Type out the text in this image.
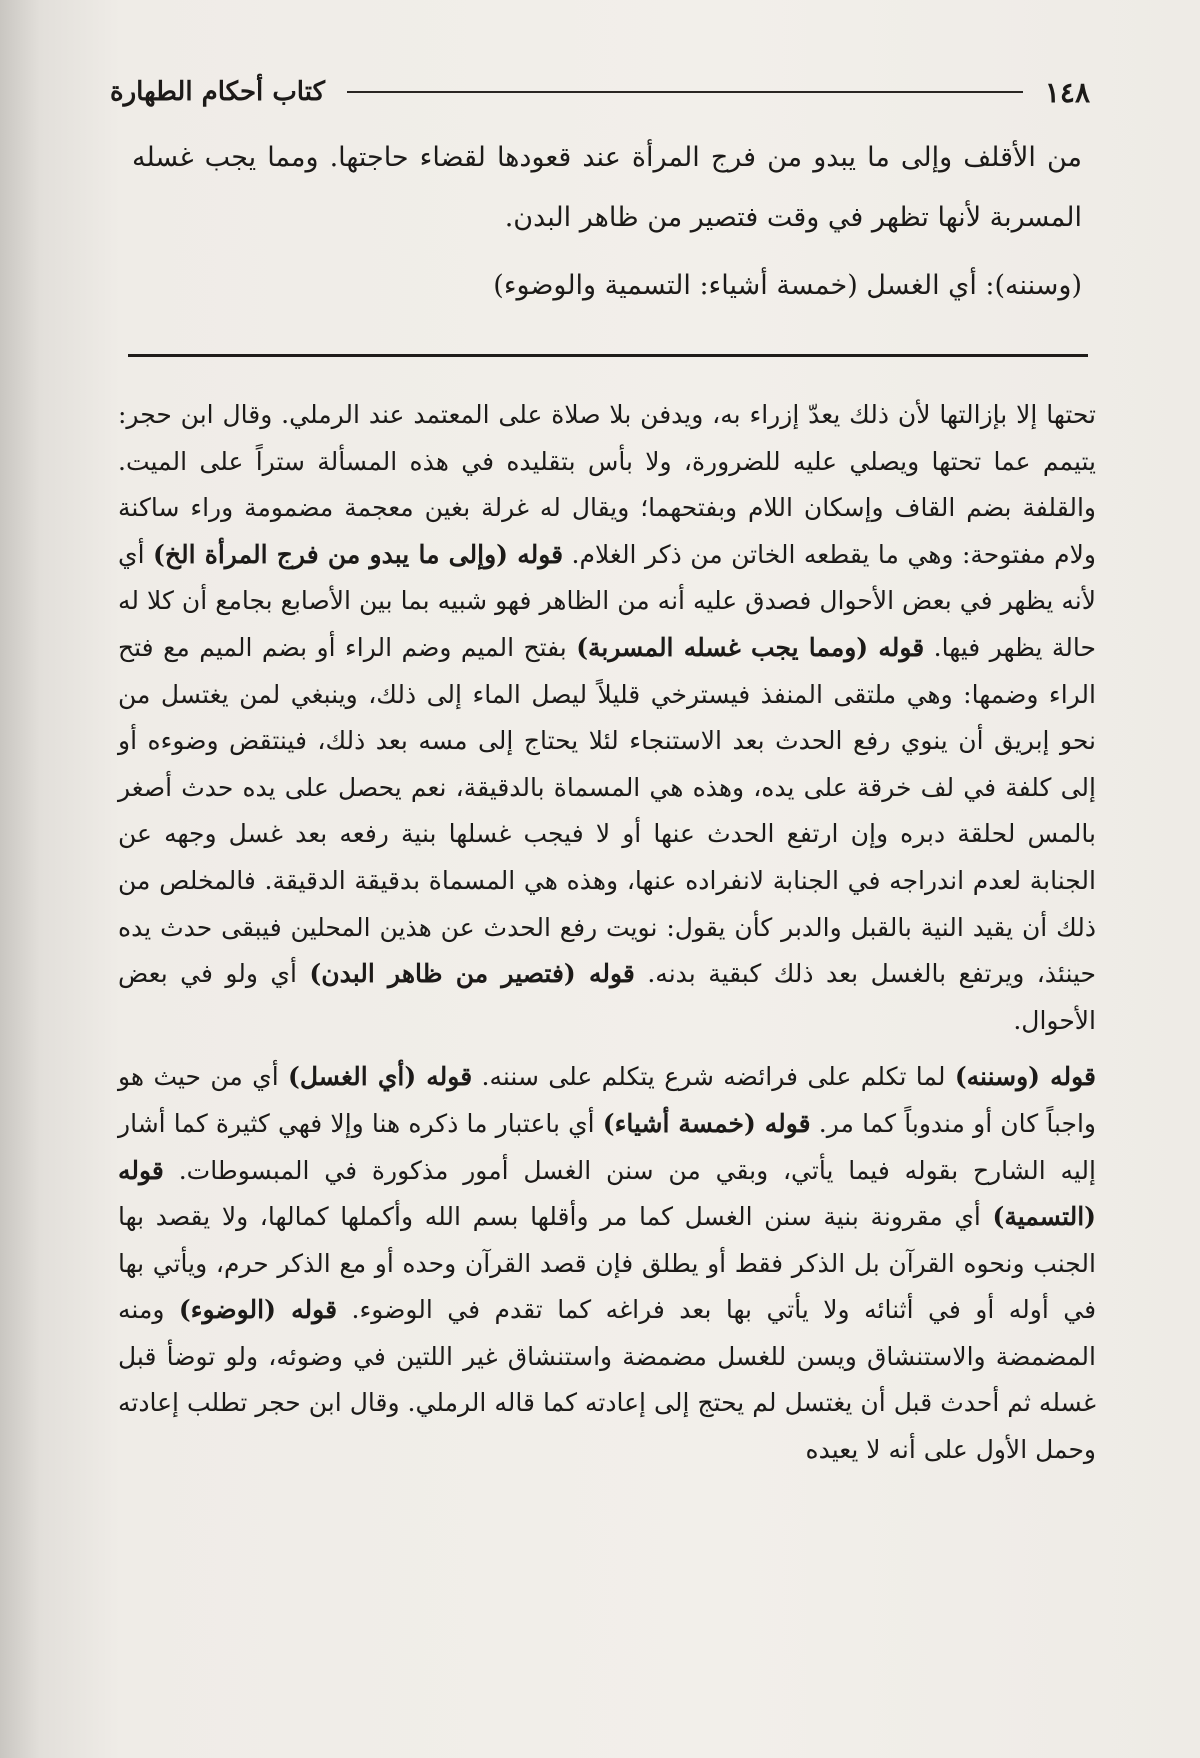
١٤٨
كتاب أحكام الطهارة

من الأقلف وإلى ما يبدو من فرج المرأة عند قعودها لقضاء حاجتها. ومما يجب غسله المسربة لأنها تظهر في وقت فتصير من ظاهر البدن.

(وسننه): أي الغسل (خمسة أشياء: التسمية والوضوء)

تحتها إلا بإزالتها لأن ذلك يعدّ إزراء به، ويدفن بلا صلاة على المعتمد عند الرملي. وقال ابن حجر: يتيمم عما تحتها ويصلي عليه للضرورة، ولا بأس بتقليده في هذه المسألة ستراً على الميت. والقلفة بضم القاف وإسكان اللام وبفتحهما؛ ويقال له غرلة بغين معجمة مضمومة وراء ساكنة ولام مفتوحة: وهي ما يقطعه الخاتن من ذكر الغلام. قوله (وإلى ما يبدو من فرج المرأة الخ) أي لأنه يظهر في بعض الأحوال فصدق عليه أنه من الظاهر فهو شبيه بما بين الأصابع بجامع أن كلا له حالة يظهر فيها. قوله (ومما يجب غسله المسربة) بفتح الميم وضم الراء أو بضم الميم مع فتح الراء وضمها: وهي ملتقى المنفذ فيسترخي قليلاً ليصل الماء إلى ذلك، وينبغي لمن يغتسل من نحو إبريق أن ينوي رفع الحدث بعد الاستنجاء لئلا يحتاج إلى مسه بعد ذلك، فينتقض وضوءه أو إلى كلفة في لف خرقة على يده، وهذه هي المسماة بالدقيقة، نعم يحصل على يده حدث أصغر بالمس لحلقة دبره وإن ارتفع الحدث عنها أو لا فيجب غسلها بنية رفعه بعد غسل وجهه عن الجنابة لعدم اندراجه في الجنابة لانفراده عنها، وهذه هي المسماة بدقيقة الدقيقة. فالمخلص من ذلك أن يقيد النية بالقبل والدبر كأن يقول: نويت رفع الحدث عن هذين المحلين فيبقى حدث يده حينئذ، ويرتفع بالغسل بعد ذلك كبقية بدنه. قوله (فتصير من ظاهر البدن) أي ولو في بعض الأحوال.

قوله (وسننه) لما تكلم على فرائضه شرع يتكلم على سننه. قوله (أي الغسل) أي من حيث هو واجباً كان أو مندوباً كما مر. قوله (خمسة أشياء) أي باعتبار ما ذكره هنا وإلا فهي كثيرة كما أشار إليه الشارح بقوله فيما يأتي، وبقي من سنن الغسل أمور مذكورة في المبسوطات. قوله (التسمية) أي مقرونة بنية سنن الغسل كما مر وأقلها بسم الله وأكملها كمالها، ولا يقصد بها الجنب ونحوه القرآن بل الذكر فقط أو يطلق فإن قصد القرآن وحده أو مع الذكر حرم، ويأتي بها في أوله أو في أثنائه ولا يأتي بها بعد فراغه كما تقدم في الوضوء. قوله (الوضوء) ومنه المضمضة والاستنشاق ويسن للغسل مضمضة واستنشاق غير اللتين في وضوئه، ولو توضأ قبل غسله ثم أحدث قبل أن يغتسل لم يحتج إلى إعادته كما قاله الرملي. وقال ابن حجر تطلب إعادته وحمل الأول على أنه لا يعيده
